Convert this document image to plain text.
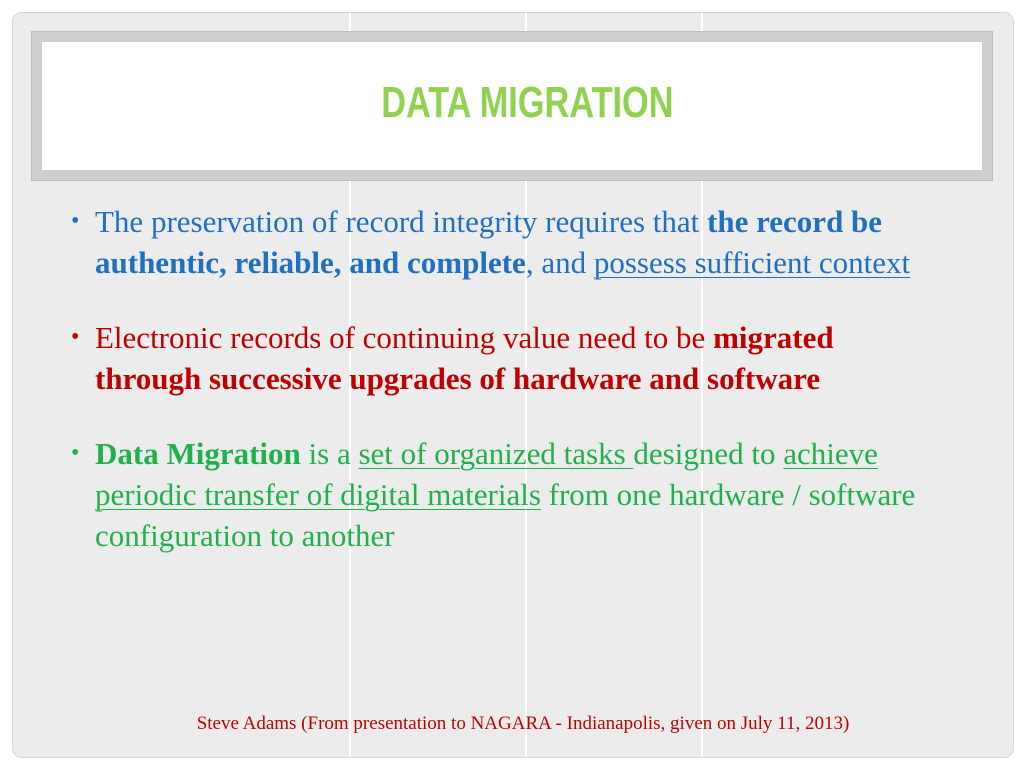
DATA MIGRATION
• The preservation of record integrity requires that the record be authentic, reliable, and complete, and possess sufficient context
• Electronic records of continuing value need to be migrated through successive upgrades of hardware and software
• Data Migration is a set of organized tasks designed to achieve periodic transfer of digital materials from one hardware / software configuration to another
Steve Adams (From presentation to NAGARA - Indianapolis, given on July 11, 2013)
